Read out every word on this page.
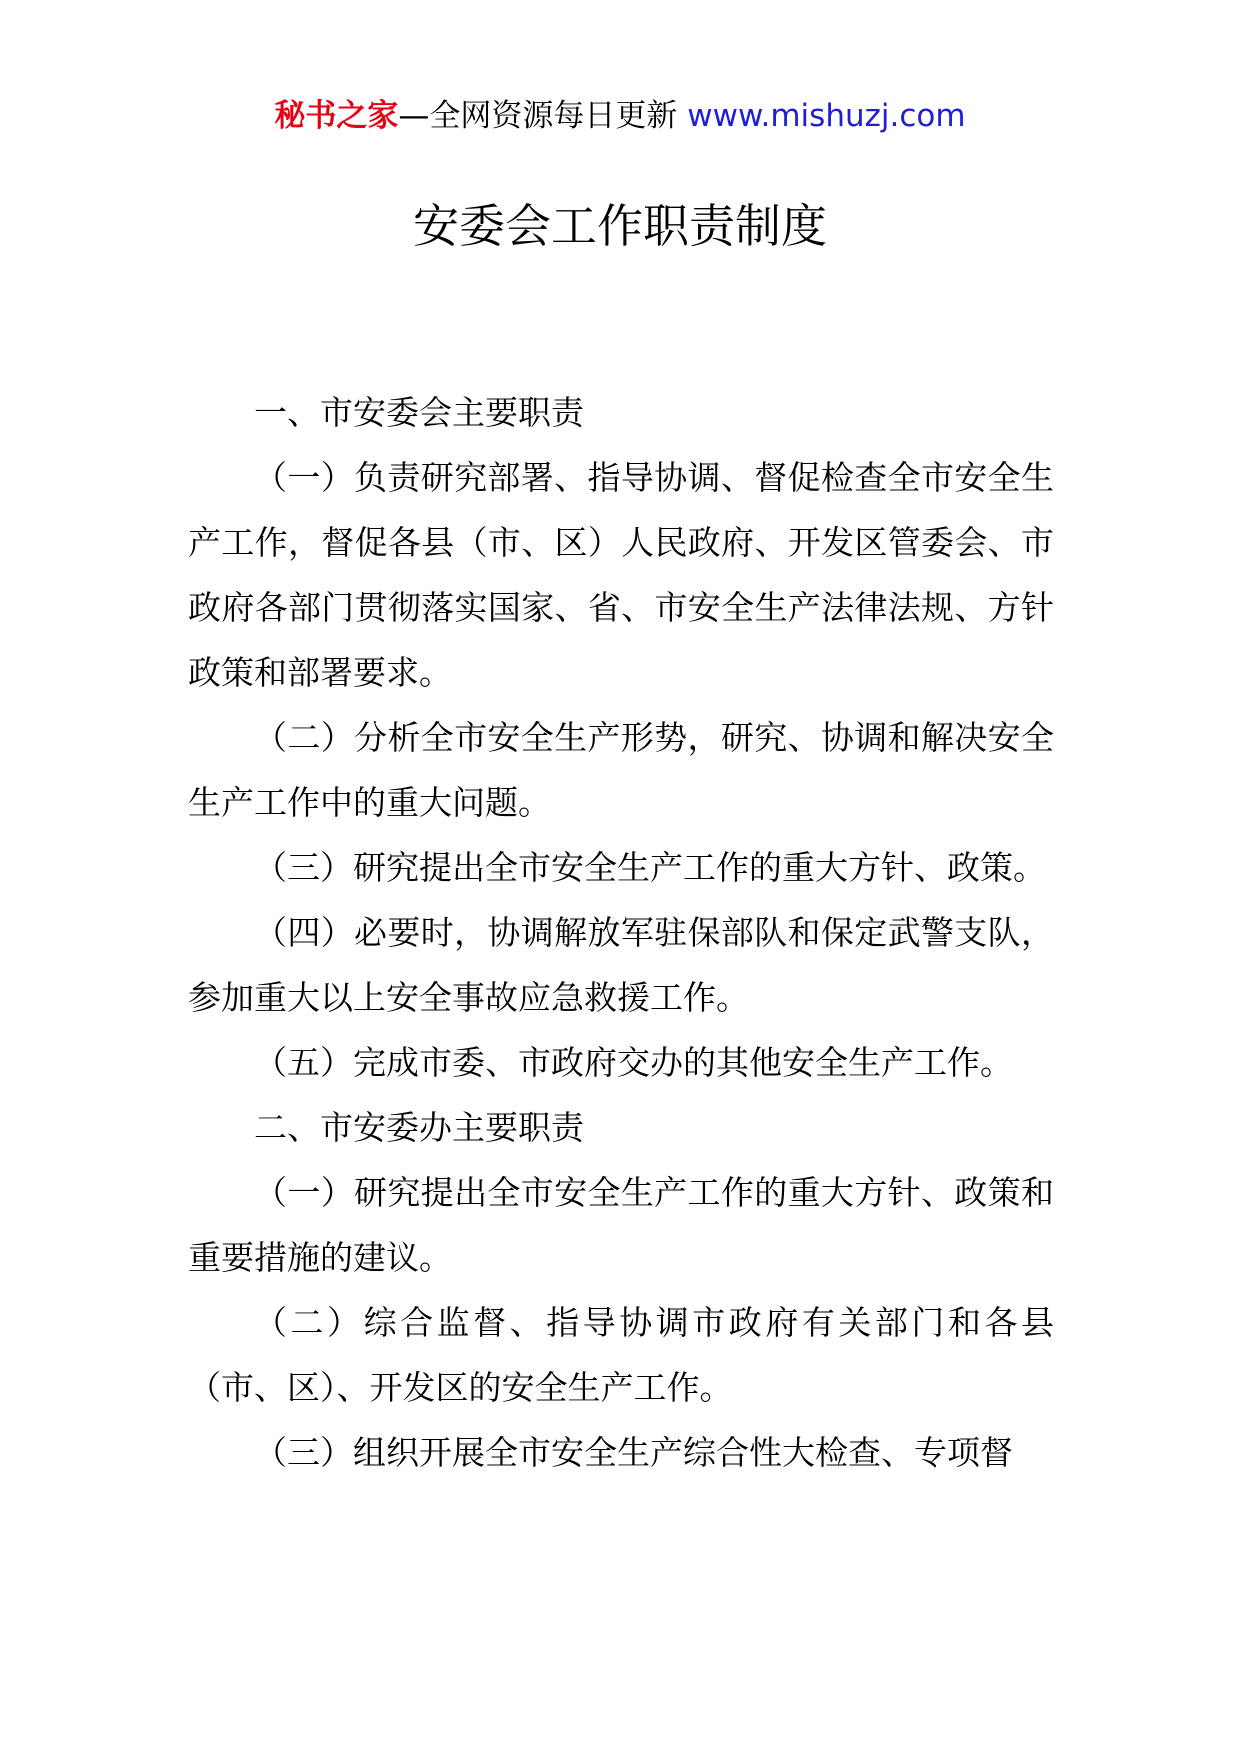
秘书之家—全网资源每日更新 www.mishuzj.com
安委会工作职责制度

一、市安委会主要职责

（一）负责研究部署、指导协调、督促检查全市安全生产工作，督促各县（市、区）人民政府、开发区管委会、市政府各部门贯彻落实国家、省、市安全生产法律法规、方针政策和部署要求。

（二）分析全市安全生产形势，研究、协调和解决安全生产工作中的重大问题。

（三）研究提出全市安全生产工作的重大方针、政策。

（四）必要时，协调解放军驻保部队和保定武警支队，参加重大以上安全事故应急救援工作。

（五）完成市委、市政府交办的其他安全生产工作。

二、市安委办主要职责

（一）研究提出全市安全生产工作的重大方针、政策和重要措施的建议。

（二）综合监督、指导协调市政府有关部门和各县（市、区）、开发区的安全生产工作。

（三）组织开展全市安全生产综合性大检查、专项督
